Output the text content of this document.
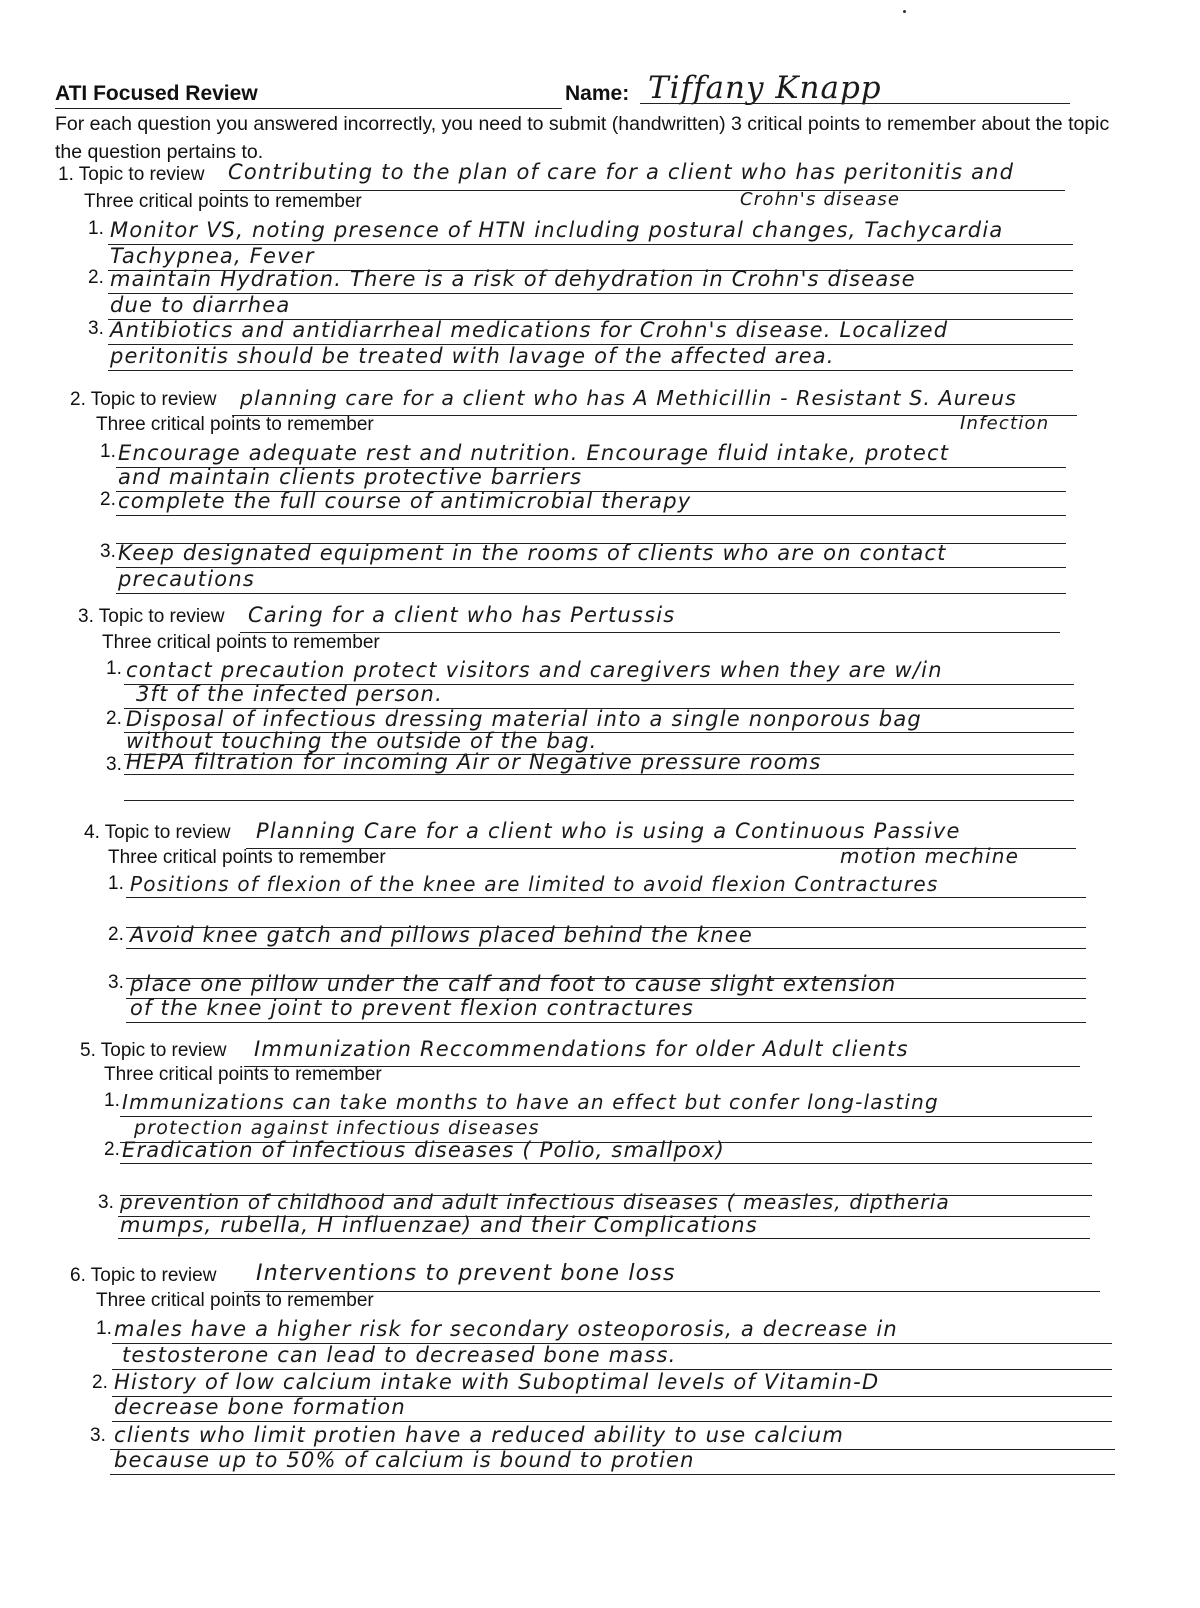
ATI Focused Review	Name: Tiffany Knapp
For each question you answered incorrectly, you need to submit (handwritten) 3 critical points to remember about the topic the question pertains to.
1. Topic to review Contributing to the plan of care for a client who has peritonitis and
Crohn's disease
Three critical points to remember
1. Monitor VS, noting presence of HTN including postural changes, Tachycardia
Tachypnea, Fever
2. maintain Hydration. There is a risk of dehydration in Crohn's disease
due to diarrhea
3. Antibiotics and antidiarrheal medications for Crohn's disease. Localized
peritonitis should be treated with lavage of the affected area.
2. Topic to review planning care for a client who has A Methicillin - Resistant S. Aureus
Infection
Three critical points to remember
1. Encourage adequate rest and nutrition. Encourage fluid intake, protect
and maintain clients protective barriers
2. complete the full course of antimicrobial therapy
3. Keep designated equipment in the rooms of clients who are on contact
precautions
3. Topic to review Caring for a client who has Pertussis
Three critical points to remember
1. contact precaution protect visitors and caregivers when they are w/in
3ft of the infected person.
2. Disposal of infectious dressing material into a single nonporous bag
without touching the outside of the bag.
3. HEPA filtration for incoming Air or Negative pressure rooms
4. Topic to review Planning Care for a client who is using a Continuous Passive
motion mechine
Three critical points to remember
1. Positions of flexion of the knee are limited to avoid flexion Contractures
2. Avoid knee gatch and pillows placed behind the knee
3. place one pillow under the calf and foot to cause slight extension
of the knee joint to prevent flexion contractures
5. Topic to review Immunization Reccommendations for older Adult clients
Three critical points to remember
1. Immunizations can take months to have an effect but confer long-lasting
protection against infectious diseases
2. Eradication of infectious diseases ( Polio, smallpox)
3. prevention of childhood and adult infectious diseases ( measles, diptheria
mumps, rubella, H influenzae) and their Complications
6. Topic to review Interventions to prevent bone loss
Three critical points to remember
1. males have a higher risk for secondary osteoporosis, a decrease in
testosterone can lead to decreased bone mass.
2. History of low calcium intake with Suboptimal levels of Vitamin-D
decrease bone formation
3. clients who limit protien have a reduced ability to use calcium
because up to 50% of calcium is bound to protien
